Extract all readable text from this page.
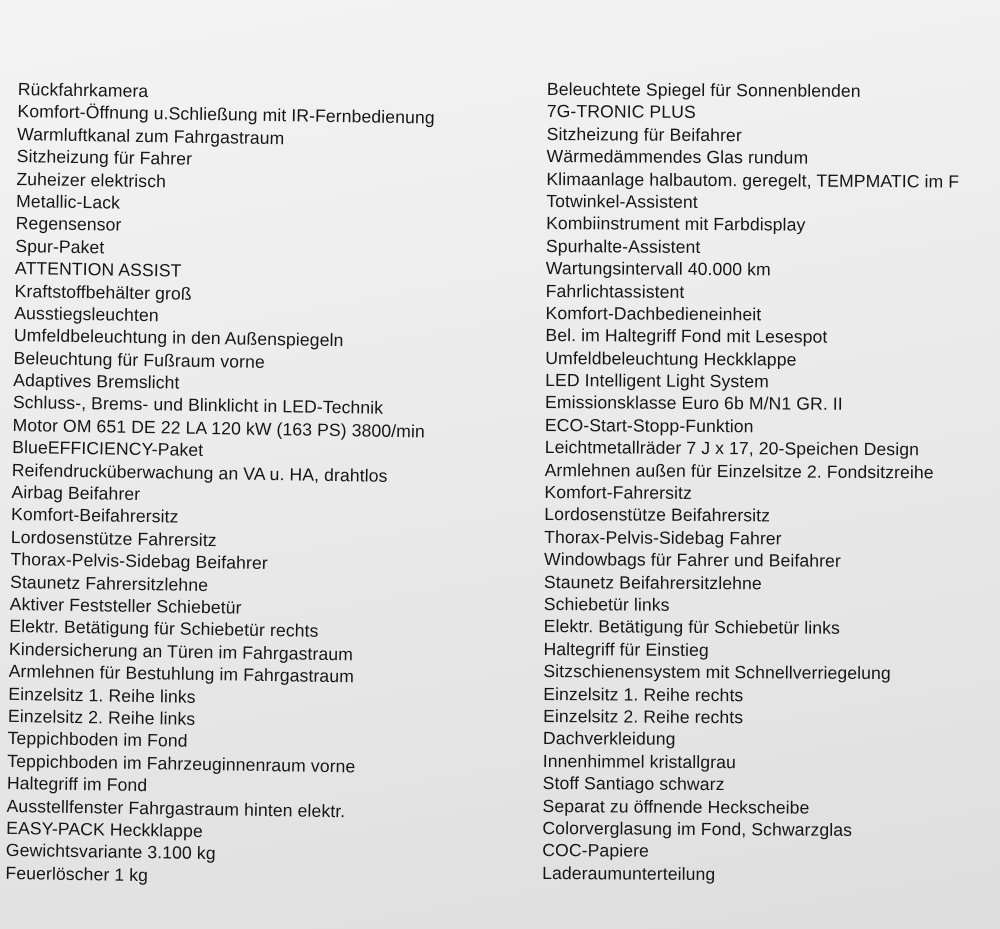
Rückfahrkamera
Komfort-Öffnung u.Schließung mit IR-Fernbedienung
Warmluftkanal zum Fahrgastraum
Sitzheizung für Fahrer
Zuheizer elektrisch
Metallic-Lack
Regensensor
Spur-Paket
ATTENTION ASSIST
Kraftstoffbehälter groß
Ausstiegsleuchten
Umfeldbeleuchtung in den Außenspiegeln
Beleuchtung für Fußraum vorne
Adaptives Bremslicht
Schluss-, Brems- und Blinklicht in LED-Technik
Motor OM 651 DE 22 LA 120 kW (163 PS) 3800/min
BlueEFFICIENCY-Paket
Reifendrucküberwachung an VA u. HA, drahtlos
Airbag Beifahrer
Komfort-Beifahrersitz
Lordosenstütze Fahrersitz
Thorax-Pelvis-Sidebag Beifahrer
Staunetz Fahrersitzlehne
Aktiver Feststeller Schiebetür
Elektr. Betätigung für Schiebetür rechts
Kindersicherung an Türen im Fahrgastraum
Armlehnen für Bestuhlung im Fahrgastraum
Einzelsitz 1. Reihe links
Einzelsitz 2. Reihe links
Teppichboden im Fond
Teppichboden im Fahrzeuginnenraum vorne
Haltegriff im Fond
Ausstellfenster Fahrgastraum hinten elektr.
EASY-PACK Heckklappe
Gewichtsvariante 3.100 kg
Feuerlöscher 1 kg
Beleuchtete Spiegel für Sonnenblenden
7G-TRONIC PLUS
Sitzheizung für Beifahrer
Wärmedämmendes Glas rundum
Klimaanlage halbautom. geregelt, TEMPMATIC im F
Totwinkel-Assistent
Kombiinstrument mit Farbdisplay
Spurhalte-Assistent
Wartungsintervall 40.000 km
Fahrlichtassistent
Komfort-Dachbedieneinheit
Bel. im Haltegriff Fond mit Lesespot
Umfeldbeleuchtung Heckklappe
LED Intelligent Light System
Emissionsklasse Euro 6b M/N1 GR. II
ECO-Start-Stopp-Funktion
Leichtmetallräder 7 J x 17, 20-Speichen Design
Armlehnen außen für Einzelsitze 2. Fondsitzreihe
Komfort-Fahrersitz
Lordosenstütze Beifahrersitz
Thorax-Pelvis-Sidebag Fahrer
Windowbags für Fahrer und Beifahrer
Staunetz Beifahrersitzlehne
Schiebetür links
Elektr. Betätigung für Schiebetür links
Haltegriff für Einstieg
Sitzschienensystem mit Schnellverriegelung
Einzelsitz 1. Reihe rechts
Einzelsitz 2. Reihe rechts
Dachverkleidung
Innenhimmel kristallgrau
Stoff Santiago schwarz
Separat zu öffnende Heckscheibe
Colorverglasung im Fond, Schwarzglas
COC-Papiere
Laderaumunterteilung
